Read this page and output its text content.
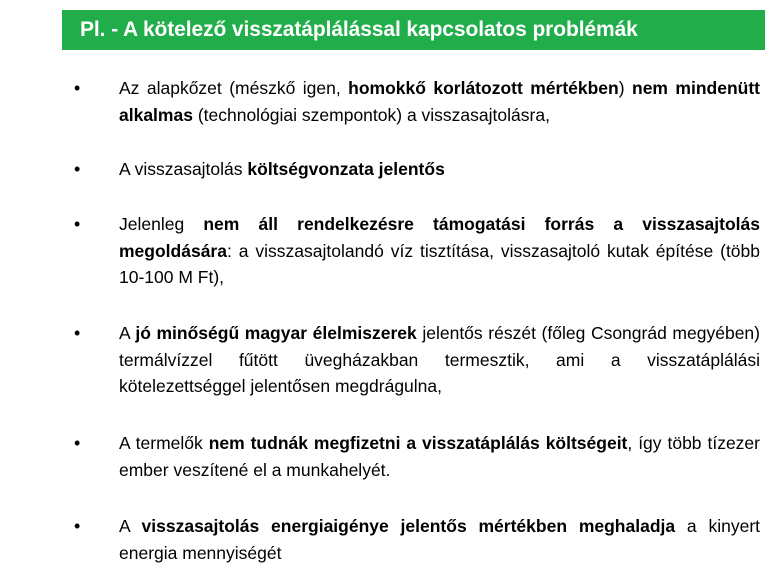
Pl. - A kötelező visszatáplálással kapcsolatos problémák
• Az alapkőzet (mészkő igen, homokkő korlátozott mértékben) nem mindenütt alkalmas (technológiai szempontok) a visszasajtolásra,
• A visszasajtolás költségvonzata jelentős
• Jelenleg nem áll rendelkezésre támogatási forrás a visszasajtolás megoldására: a visszasajtolandó víz tisztítása, visszasajtoló kutak építése (több 10-100 M Ft),
• A jó minőségű magyar élelmiszerek jelentős részét (főleg Csongrád megyében) termálvízzel fűtött üvegházakban termesztik, ami a visszatáplálási kötelezettséggel jelentősen megdrágulna,
• A termelők nem tudnák megfizetni a visszatáplálás költségeit, így több tízezer ember veszítené el a munkahelyét.
• A visszasajtolás energiaigénye jelentős mértékben meghaladja a kinyert energia mennyiségét
